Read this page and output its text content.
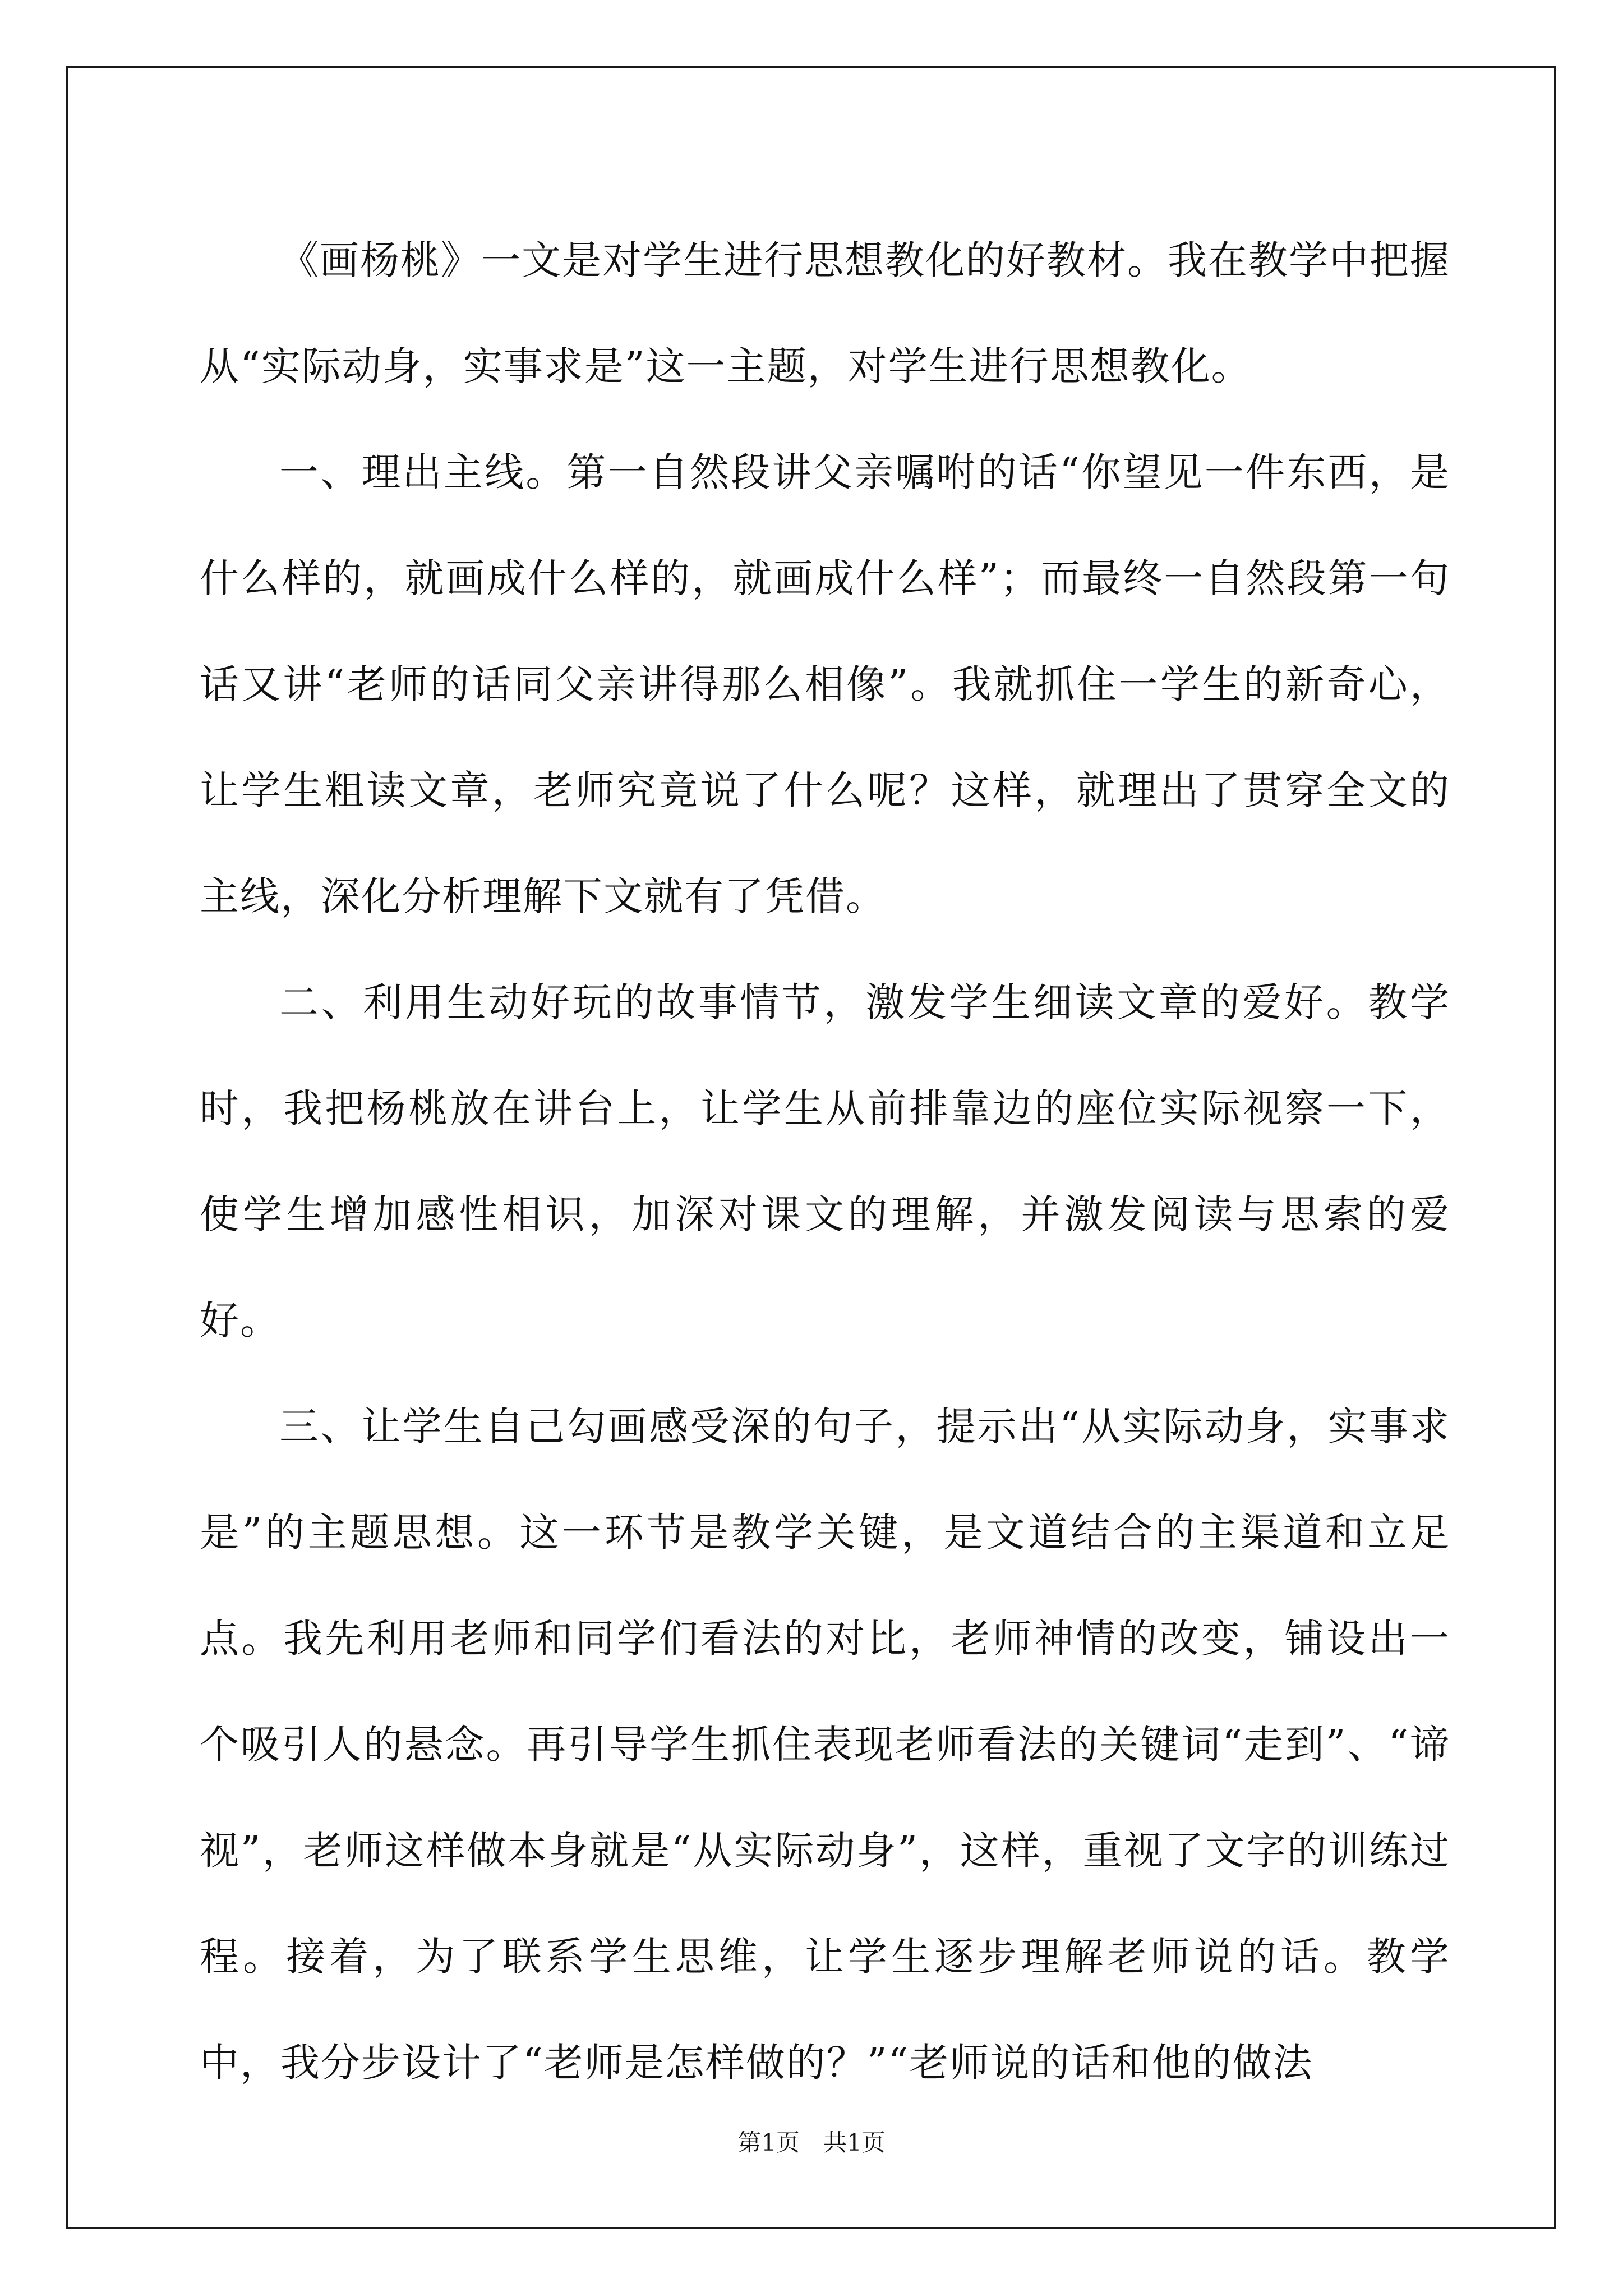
《画杨桃》一文是对学生进行思想教化的好教材。我在教学中把握从“实际动身，实事求是”这一主题，对学生进行思想教化。

一、理出主线。第一自然段讲父亲嘱咐的话“你望见一件东西，是什么样的，就画成什么样的，就画成什么样”；而最终一自然段第一句话又讲“老师的话同父亲讲得那么相像”。我就抓住一学生的新奇心，让学生粗读文章，老师究竟说了什么呢？这样，就理出了贯穿全文的主线，深化分析理解下文就有了凭借。

二、利用生动好玩的故事情节，激发学生细读文章的爱好。教学时，我把杨桃放在讲台上，让学生从前排靠边的座位实际视察一下，使学生增加感性相识，加深对课文的理解，并激发阅读与思索的爱好。

三、让学生自己勾画感受深的句子，提示出“从实际动身，实事求是”的主题思想。这一环节是教学关键，是文道结合的主渠道和立足点。我先利用老师和同学们看法的对比，老师神情的改变，铺设出一个吸引人的悬念。再引导学生抓住表现老师看法的关键词“走到”、“谛视”，老师这样做本身就是“从实际动身”，这样，重视了文字的训练过程。接着，为了联系学生思维，让学生逐步理解老师说的话。教学中，我分步设计了“老师是怎样做的？”“老师说的话和他的做法

第1页　共1页
